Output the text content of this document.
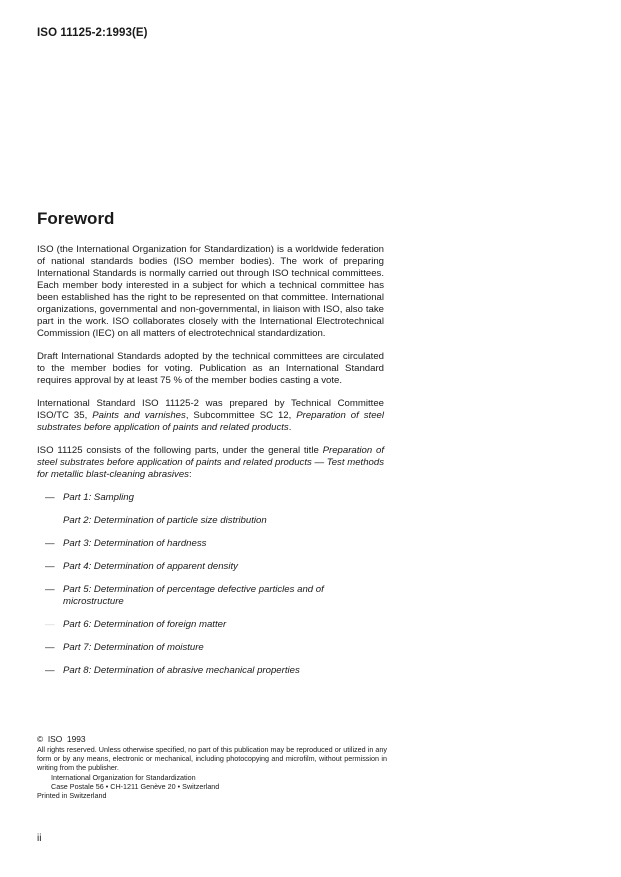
ISO 11125-2:1993(E)
Foreword

ISO (the International Organization for Standardization) is a worldwide federation of national standards bodies (ISO member bodies). The work of preparing International Standards is normally carried out through ISO technical committees. Each member body interested in a subject for which a technical committee has been established has the right to be represented on that committee. International organizations, governmental and non-governmental, in liaison with ISO, also take part in the work. ISO collaborates closely with the International Electrotechnical Commission (IEC) on all matters of electrotechnical standardization.

Draft International Standards adopted by the technical committees are circulated to the member bodies for voting. Publication as an International Standard requires approval by at least 75 % of the member bodies casting a vote.

International Standard ISO 11125-2 was prepared by Technical Committee ISO/TC 35, Paints and varnishes, Subcommittee SC 12, Preparation of steel substrates before application of paints and related products.

ISO 11125 consists of the following parts, under the general title Preparation of steel substrates before application of paints and related products — Test methods for metallic blast-cleaning abrasives:

— Part 1: Sampling
Part 2: Determination of particle size distribution
— Part 3: Determination of hardness
— Part 4: Determination of apparent density
— Part 5: Determination of percentage defective particles and of microstructure
— Part 6: Determination of foreign matter
— Part 7: Determination of moisture
— Part 8: Determination of abrasive mechanical properties
© ISO 1993
All rights reserved. Unless otherwise specified, no part of this publication may be reproduced or utilized in any form or by any means, electronic or mechanical, including photocopying and microfilm, without permission in writing from the publisher.
International Organization for Standardization
Case Postale 56 • CH-1211 Genève 20 • Switzerland
Printed in Switzerland
ii
